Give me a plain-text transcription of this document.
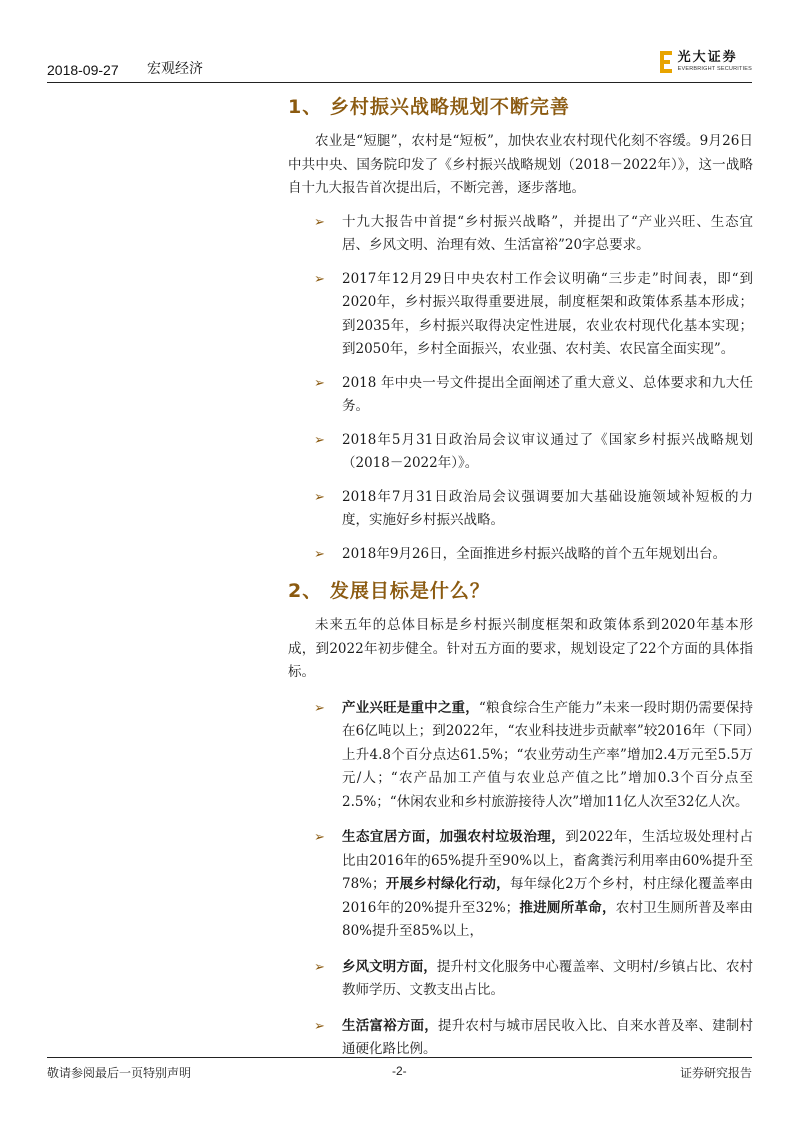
2018-09-27 宏观经济
光大证券
EVERBRIGHT SECURITIES
1、 乡村振兴战略规划不断完善

农业是“短腿”，农村是“短板”，加快农业农村现代化刻不容缓。9月26日中共中央、国务院印发了《乡村振兴战略规划（2018－2022年）》，这一战略自十九大报告首次提出后，不断完善，逐步落地。

➢ 十九大报告中首提“乡村振兴战略”，并提出了“产业兴旺、生态宜居、乡风文明、治理有效、生活富裕”20字总要求。
➢ 2017年12月29日中央农村工作会议明确“三步走”时间表，即“到2020年，乡村振兴取得重要进展，制度框架和政策体系基本形成；到2035年，乡村振兴取得决定性进展，农业农村现代化基本实现；到2050年，乡村全面振兴，农业强、农村美、农民富全面实现”。
➢ 2018 年中央一号文件提出全面阐述了重大意义、总体要求和九大任务。
➢ 2018年5月31日政治局会议审议通过了《国家乡村振兴战略规划（2018－2022年）》。
➢ 2018年7月31日政治局会议强调要加大基础设施领域补短板的力度，实施好乡村振兴战略。
➢ 2018年9月26日，全面推进乡村振兴战略的首个五年规划出台。
2、 发展目标是什么？

未来五年的总体目标是乡村振兴制度框架和政策体系到2020年基本形成，到2022年初步健全。针对五方面的要求，规划设定了22个方面的具体指标。

➢ 产业兴旺是重中之重，“粮食综合生产能力”未来一段时期仍需要保持在6亿吨以上；到2022年，“农业科技进步贡献率”较2016年（下同）上升4.8个百分点达61.5%；“农业劳动生产率”增加2.4万元至5.5万元/人；“农产品加工产值与农业总产值之比”增加0.3个百分点至2.5%；“休闲农业和乡村旅游接待人次”增加11亿人次至32亿人次。
➢ 生态宜居方面，加强农村垃圾治理，到2022年，生活垃圾处理村占比由2016年的65%提升至90%以上，畜禽粪污利用率由60%提升至78%；开展乡村绿化行动，每年绿化2万个乡村，村庄绿化覆盖率由2016年的20%提升至32%；推进厕所革命，农村卫生厕所普及率由80%提升至85%以上，
➢ 乡风文明方面，提升村文化服务中心覆盖率、文明村/乡镇占比、农村教师学历、文教支出占比。
➢ 生活富裕方面，提升农村与城市居民收入比、自来水普及率、建制村通硬化路比例。
敬请参阅最后一页特别声明	-2-	证券研究报告
